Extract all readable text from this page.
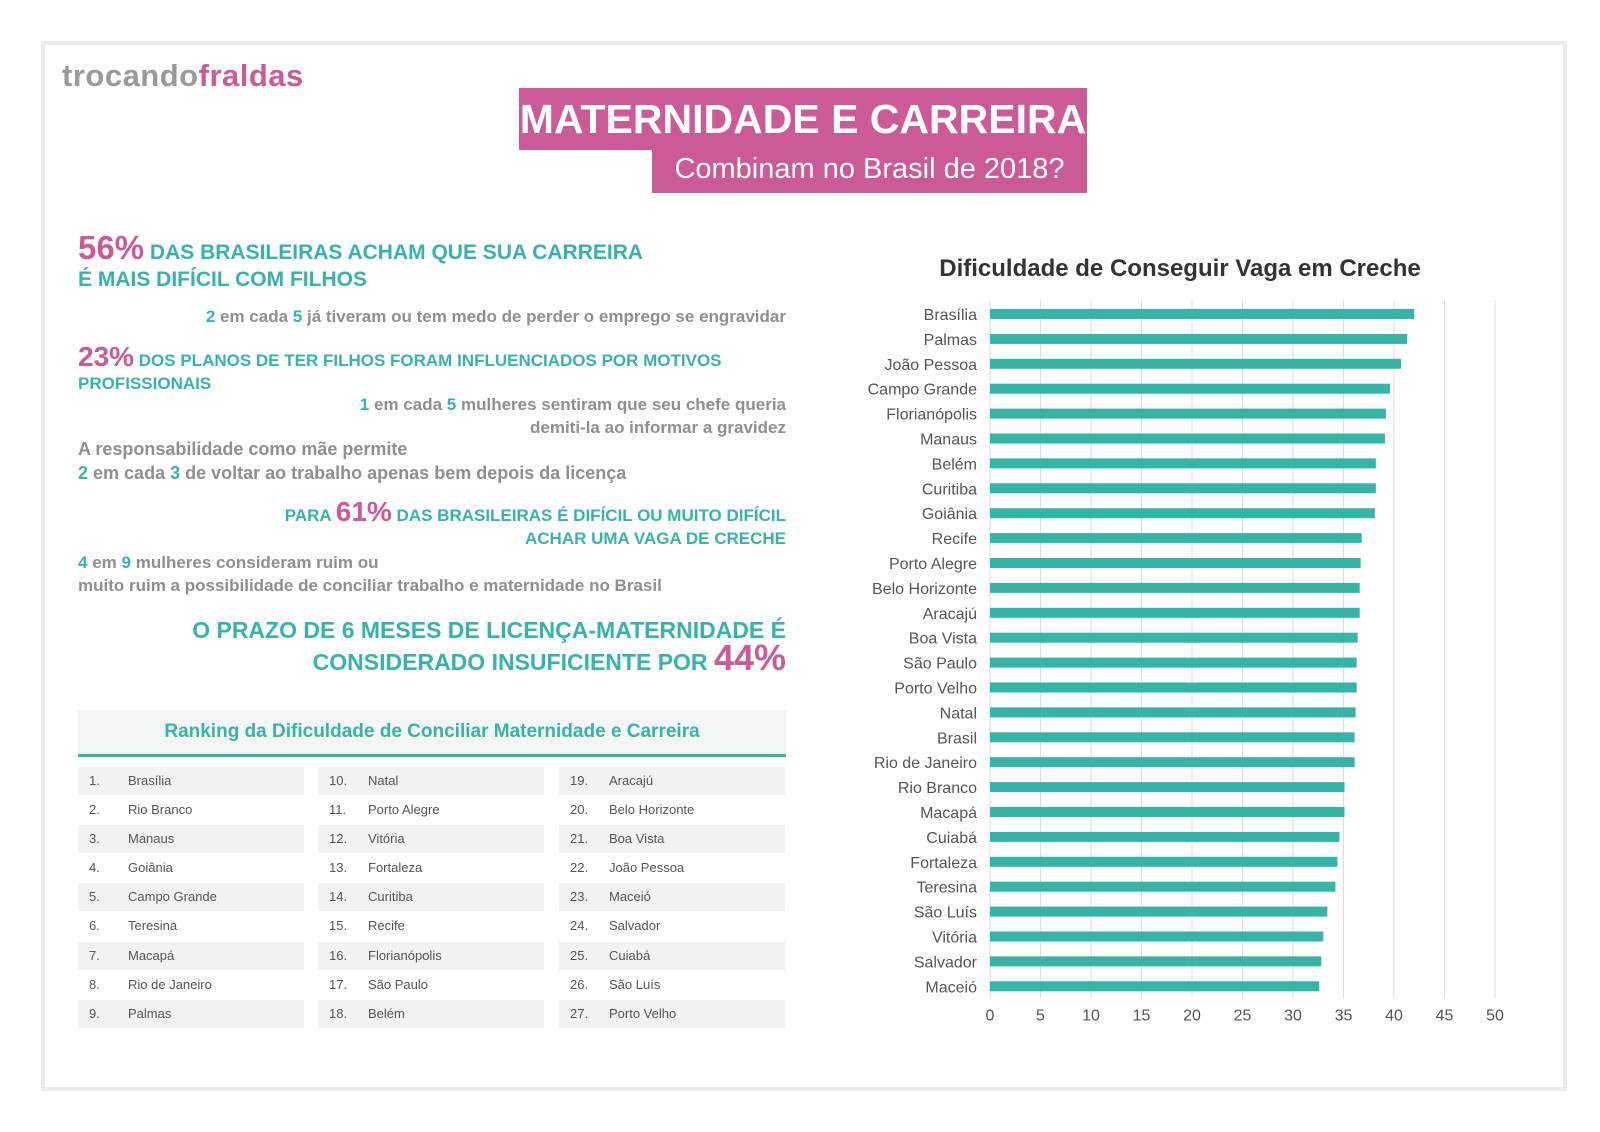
trocandofraldas
MATERNIDADE E CARREIRA
Combinam no Brasil de 2018?

56% DAS BRASILEIRAS ACHAM QUE SUA CARREIRA
É MAIS DIFÍCIL COM FILHOS

2 em cada 5 já tiveram ou tem medo de perder o emprego se engravidar

23% DOS PLANOS DE TER FILHOS FORAM INFLUENCIADOS POR MOTIVOS PROFISSIONAIS

1 em cada 5 mulheres sentiram que seu chefe queria
demiti-la ao informar a gravidez

A responsabilidade como mãe permite
2 em cada 3 de voltar ao trabalho apenas bem depois da licença

PARA 61% DAS BRASILEIRAS É DIFÍCIL OU MUITO DIFÍCIL
ACHAR UMA VAGA DE CRECHE

4 em 9 mulheres consideram ruim ou
muito ruim a possibilidade de conciliar trabalho e maternidade no Brasil

O PRAZO DE 6 MESES DE LICENÇA-MATERNIDADE É
CONSIDERADO INSUFICIENTE POR 44%

Ranking da Dificuldade de Conciliar Maternidade e Carreira
1.	Brasília
2.	Rio Branco
3.	Manaus
4.	Goiânia
5.	Campo Grande
6.	Teresina
7.	Macapá
8.	Rio de Janeiro
9.	Palmas
10.	Natal
11.	Porto Alegre
12.	Vitória
13.	Fortaleza
14.	Curitiba
15.	Recife
16.	Florianópolis
17.	São Paulo
18.	Belém
19.	Aracajú
20.	Belo Horizonte
21.	Boa Vista
22.	João Pessoa
23.	Maceió
24.	Salvador
25.	Cuiabá
26.	São Luís
27.	Porto Velho
Dificuldade de Conseguir Vaga em Creche
0	5 10 15 20 25 30 35 40 45 50
Brasília
Palmas
João Pessoa
Campo Grande
Florianópolis
Manaus
Belém
Curitiba
Goiânia
Recife
Porto Alegre
Belo Horizonte
Aracajú
Boa Vista
São Paulo
Porto Velho
Natal
Brasil
Rio de Janeiro
Rio Branco
Macapá
Cuiabá
Fortaleza
Teresina
São Luís
Vitória
Salvador
Maceió
